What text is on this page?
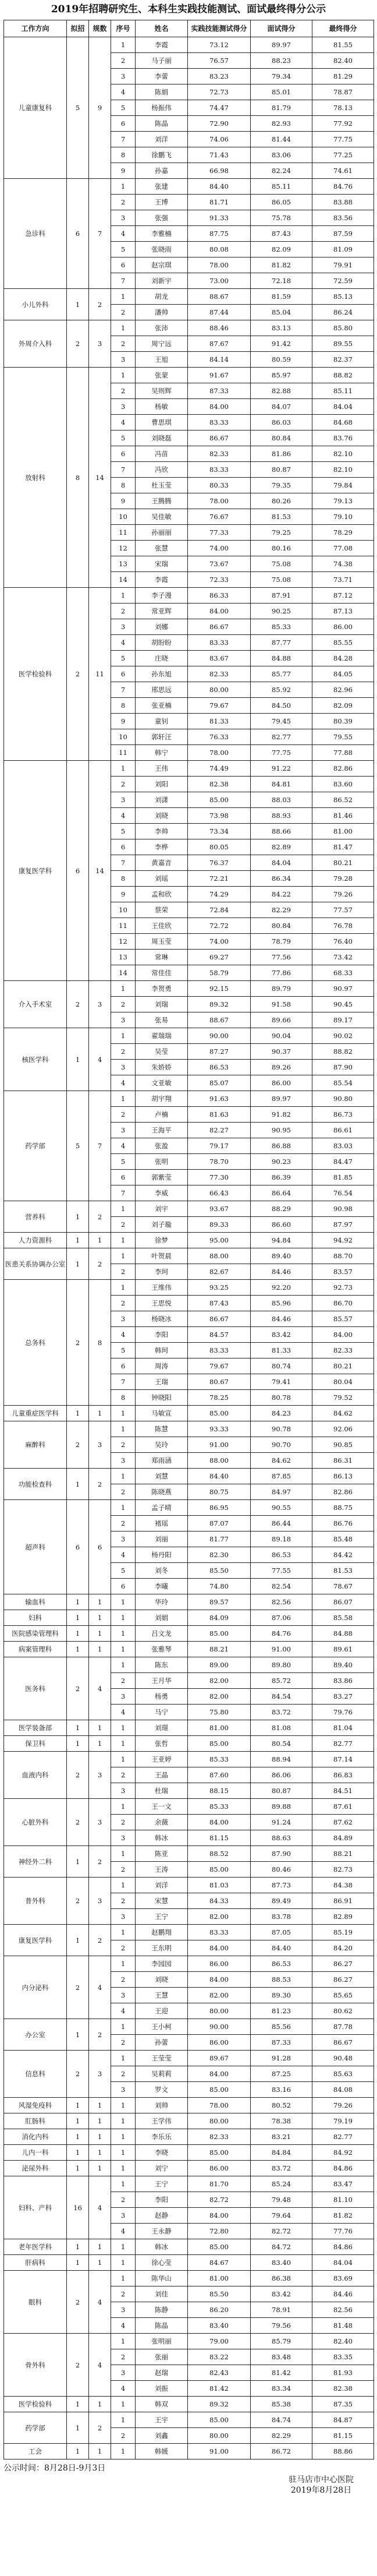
2019年招聘研究生、本科生实践技能测试、面试最终得分公示
工作方向	拟招	规数	序号	姓名	实践技能测试得分	面试得分	最终得分
儿童康复科	5	9	1	李霞	73.12	89.97	81.55
			2	马子丽	76.57	88.23	82.40
			3	李蕾	83.23	79.34	81.29
			4	陈娟	72.73	85.01	78.87
			5	杨振伟	74.47	81.79	78.13
			6	陈晶	72.90	82.93	77.92
			7	刘洋	74.06	81.44	77.75
			8	徐鹏飞	71.43	83.06	77.25
			9	孙嘉	66.98	82.24	74.61
急诊科	6	7	1	张建	84.40	85.11	84.76
			2	王博	81.71	86.05	83.88
			3	张强	91.33	75.78	83.56
			4	李雅楠	87.75	87.43	87.59
			5	张晓雨	80.08	82.09	81.09
			6	赵宗琪	78.00	81.82	79.91
			7	刘新宇	73.00	72.18	72.59
小儿外科	1	2	1	胡龙	88.67	81.59	85.13
			2	潘帅	87.44	85.04	86.24
外周介入科	2	3	1	张沛	88.46	83.13	85.80
			2	周宁远	87.67	91.42	89.55
			3	王旭	84.14	80.59	82.37
放射科	8	14	1	张蒙	91.67	85.97	88.82
			2	吴则辉	87.33	82.88	85.11
			3	杨敏	84.00	84.07	84.04
			4	曹思琪	83.33	86.03	84.68
			5	刘晓磊	86.67	80.84	83.76
			6	冯苗	82.33	81.86	82.10
			7	冯欣	83.33	80.87	82.10
			8	杜玉莹	80.33	79.35	79.84
			9	王腾腾	78.00	80.26	79.13
			10	吴佳敏	76.67	81.53	79.10
			11	孙丽丽	77.33	79.25	78.29
			12	张慧	74.00	80.16	77.08
			13	宋瑞	73.67	75.08	74.38
			14	李霞	72.33	75.08	73.71
医学检验科	2	11	1	李子漫	86.33	87.91	87.12
			2	常亚辉	84.00	90.25	87.13
			3	刘娜	86.67	85.33	86.00
			4	胡盼盼	83.33	87.77	85.55
			5	庄晓	83.67	84.88	84.28
			6	孙东旭	82.33	85.77	84.05
			7	邢思远	80.00	85.92	82.96
			8	张亚楠	79.67	84.50	82.09
			9	童钊	81.33	79.45	80.39
			10	郭轩汪	76.33	82.77	79.55
			11	韩宁	78.00	77.75	77.88
康复医学科	6	14	1	王伟	74.49	91.22	82.86
			2	刘阳	82.38	84.81	83.60
			3	刘潇	85.00	88.03	86.52
			4	刘晓	73.98	88.93	81.46
			5	李帅	73.34	88.66	81.00
			6	李桦	80.05	82.89	81.47
			7	黄嘉音	76.37	84.04	80.21
			8	刘瑶	72.21	86.34	79.28
			9	孟和欣	74.29	84.22	79.26
			10	蔡荣	72.84	82.29	77.57
			11	王佳欣	72.72	80.84	76.78
			12	周玉莹	74.00	78.79	76.40
			13	常琳	69.27	77.56	73.42
			14	常佳佳	58.79	77.86	68.33
介入手术室	2	3	1	李贺勇	92.15	89.79	90.97
			2	刘瑞	89.32	91.58	90.45
			3	张易	88.67	89.66	89.17
核医学科	1	4	1	翟瑞瑞	90.00	90.04	90.02
			2	吴莹	87.27	90.37	88.82
			3	朱娇娇	86.53	89.26	87.90
			4	文亚敏	85.07	86.00	85.54
药学部	5	7	1	胡宇翔	91.63	89.97	90.80
			2	卢楠	81.63	91.82	86.73
			3	王海平	82.27	90.95	86.61
			4	张盈	79.17	86.88	83.03
			5	张明	78.70	90.23	84.47
			6	郭紫莹	77.30	86.39	81.85
			7	李威	66.43	86.64	76.54
营养科	1	2	1	刘宇	93.67	88.29	90.98
			2	刘子璇	89.33	86.60	87.97
人力资源科	1	1	1	徐梦	95.00	94.84	94.92
医患关系协调办公室	1	2	1	叶贺晨	88.00	89.40	88.70
			2	李珂	82.67	84.46	83.57
总务科	2	8	1	王维伟	93.25	92.20	92.73
			2	王思悦	87.43	85.96	86.70
			3	杨晓冰	86.67	84.46	85.57
			4	李阳	84.57	83.42	84.00
			5	韩珂	83.33	81.33	82.33
			6	周涛	79.67	80.74	80.21
			7	王瑞	80.67	79.41	80.04
			8	钟晓阳	78.25	80.78	79.52
儿童重症医学科	1	1	1	马敏宣	85.00	84.23	84.62
麻醉科	2	3	1	陈慧	93.33	90.78	92.06
			2	吴玲	91.00	90.70	90.85
			3	郑雨涵	88.00	84.62	86.31
功能检查科	1	2	1	刘慧	84.40	87.85	86.13
			2	陈晓燕	80.75	84.97	82.86
超声科	6	6	1	孟子晴	86.95	90.55	88.75
			2	褚瑶	87.07	86.44	86.76
			3	刘丽	81.77	89.18	85.48
			4	杨丹阳	82.30	86.53	84.42
			5	刘冬	85.50	77.55	81.53
			6	李曦	74.80	82.54	78.67
输血科	1	1	1	华玲	89.57	82.56	86.07
妇科	1	1	1	刘娟	84.09	87.06	85.58
医院感染管理科	1	1	1	吕文龙	85.00	84.76	84.88
病案管理科	1	1	1	张雅琴	88.21	91.00	89.61
医务科	2	4	1	陈东	89.00	89.80	89.40
			2	王月华	82.00	85.72	83.86
			3	杨勇	82.00	84.54	83.27
			4	马宁	75.80	83.72	79.76
医学装备部	1	1	1	刘璟	81.00	81.08	81.04
保卫科	1	1	1	张哲	85.00	80.54	82.77
血液内科	2	3	1	王亚婷	85.33	88.94	87.14
			2	王晶	87.60	86.06	86.83
			3	杜瑞	88.15	80.87	84.51
心脏外科	2	3	1	王一文	85.33	89.88	87.61
			2	余薇	84.00	91.24	87.62
			3	韩冰	81.15	88.63	84.89
神经外二科	1	2	1	陈亚	88.52	87.90	88.21
			2	王涛	85.00	80.46	82.73
普外科	2	3	1	刘洋	81.03	87.73	84.38
			2	宋慧	84.33	89.49	86.91
			3	王宁	82.00	83.78	82.89
康复医学科	1	2	1	赵鹏翔	83.33	87.05	85.19
			2	王东明	84.00	84.40	84.20
内分泌科	2	4	1	李园园	86.00	86.53	86.27
			2	刘晓	84.00	88.53	86.27
			3	王慧	82.00	89.30	85.65
			4	王迎	80.00	81.23	80.62
办公室	1	2	1	王小柯	90.00	85.56	87.78
			2	孙蕾	86.00	87.33	86.67
信息科	2	3	1	王莹莹	89.67	91.28	90.48
			2	吴莉莉	84.00	87.25	85.63
			3	罗文	85.00	83.16	84.08
风湿免疫科	1	1	1	刘帅	78.00	80.52	79.26
肛肠科	1	1	1	王学伟	80.00	78.38	79.19
消化内科	1	1	1	李乐乐	82.33	83.21	82.77
儿内一科	1	1	1	李晓	85.00	84.84	84.92
泌尿外科	1	1	1	刘宁	86.00	83.72	84.86
妇科、产科	16	4	1	王宁	81.70	85.24	83.47
			2	李阳	82.72	79.48	81.10
			3	赵静	84.00	79.64	81.82
			4	王永静	72.80	82.72	77.76
老年医学科	1	1	1	韩冰	85.00	84.72	84.86
肝病科	1	1	1	徐心莹	84.67	83.40	84.04
眼科	2	4	1	陈华山	81.00	86.38	83.69
			2	刘佳	85.50	83.42	84.46
			3	陈静	86.20	78.91	82.56
			4	陈晶	83.40	79.56	81.48
骨外科	2	4	1	张明丽	79.00	85.79	82.40
			2	张丽	83.22	83.48	83.35
			3	赵瑞	82.43	81.42	81.93
			4	刘振	81.42	83.34	82.38
医学检验科	1	1	1	韩双	89.32	85.38	87.35
药学部	1	2	1	王宇	85.00	84.74	84.87
			2	刘鑫	80.00	82.29	81.15
工会	1	1	1	韩媛	91.00	86.72	88.86
公示时间：8月28日-9月3日
驻马店市中心医院
2019年8月28日
